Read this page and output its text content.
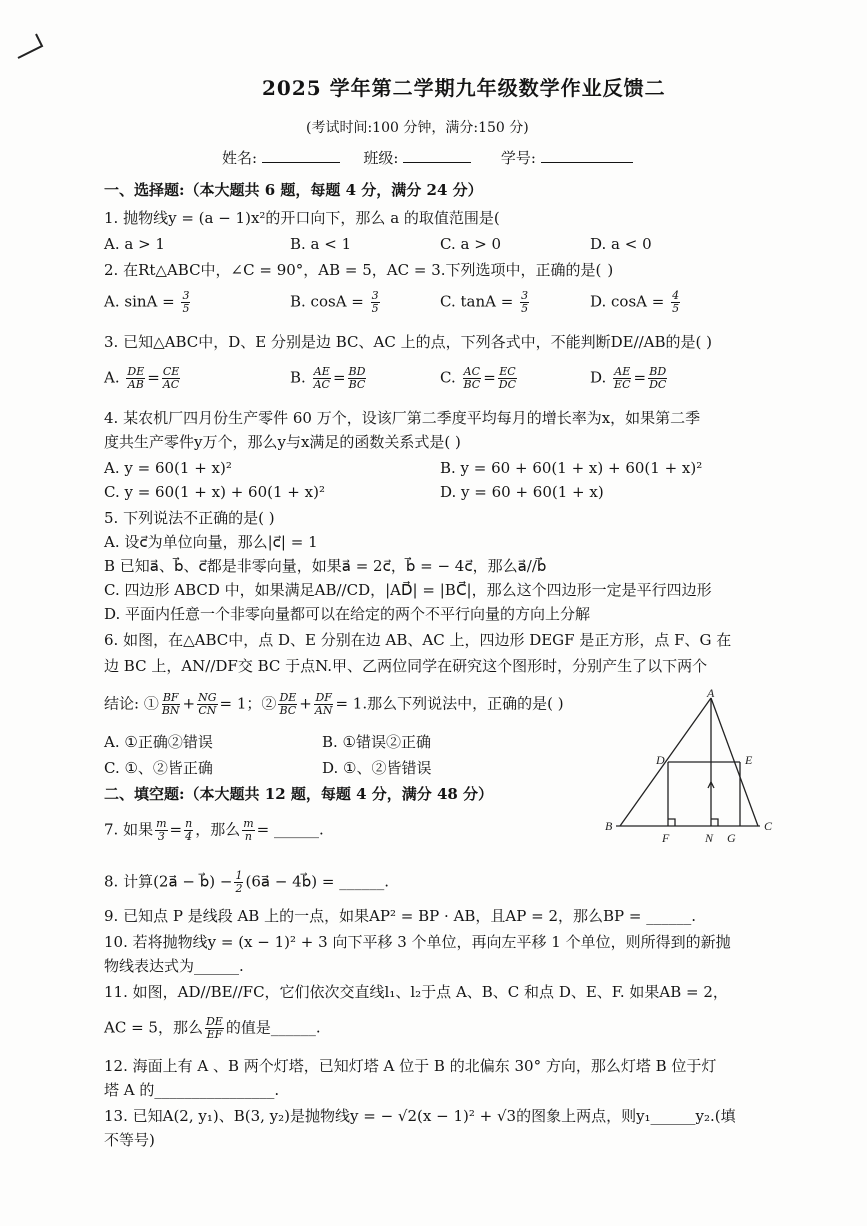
2025 学年第二学期九年级数学作业反馈二
(考试时间:100 分钟，满分:150 分)
姓名:	班级:	学号:
一、选择题:（本大题共 6 题，每题 4 分，满分 24 分）
1. 抛物线y = (a − 1)x²的开口向下，那么 a 的取值范围是(
A. a > 1	B. a < 1	C. a > 0	D. a < 0
2. 在Rt△ABC中，∠C = 90°，AB = 5，AC = 3.下列选项中，正确的是( )
A. $\sin A = \frac{3}{5}$	B. $\cos A = \frac{3}{5}$	C. $\tan A = \frac{3}{5}$	D. $\cos A = \frac{4}{5}$
3. 已知△ABC中，D、E 分别是边 BC、AC 上的点，下列各式中，不能判断DE//AB的是( )
A. $\frac{DE}{AB} = \frac{CE}{AC}$	B. $\frac{AE}{AC} = \frac{BD}{BC}$	C. $\frac{AC}{BC} = \frac{EC}{DC}$	D. $\frac{AE}{EC} = \frac{BD}{DC}$
4. 某农机厂四月份生产零件 60 万个，设该厂第二季度平均每月的增长率为x，如果第二季
度共生产零件y万个，那么y与x满足的函数关系式是( )
A. y = 60(1 + x)²	B. y = 60 + 60(1 + x) + 60(1 + x)²
C. y = 60(1 + x) + 60(1 + x)²	D. y = 60 + 60(1 + x)
5. 下列说法不正确的是( )
A. 设c⃗为单位向量，那么|c⃗| = 1
B 已知a⃗、b⃗、c⃗都是非零向量，如果a⃗ = 2c⃗，b⃗ = − 4c⃗，那么a⃗//b⃗
C. 四边形 ABCD 中，如果满足AB//CD，|AD⃗| = |BC⃗|，那么这个四边形一定是平行四边形
D. 平面内任意一个非零向量都可以在给定的两个不平行向量的方向上分解
6. 如图，在△ABC中，点 D、E 分别在边 AB、AC 上，四边形 DEGF 是正方形，点 F、G 在
边 BC 上，AN//DF交 BC 于点N.甲、乙两位同学在研究这个图形时，分别产生了以下两个
结论: ① $\frac{BF}{BN} + \frac{NG}{CN} = 1$；② $\frac{DE}{BC} + \frac{DF}{AN} = 1$.那么下列说法中，正确的是( )
A. ①正确②错误	B. ①错误②正确
C. ①、②皆正确	D. ①、②皆错误
A
D	E
B	C
F	N G
二、填空题:（本大题共 12 题，每题 4 分，满分 48 分）
7. 如果 $\frac{m}{3} = \frac{n}{4}$ ，那么 $\frac{m}{n}$ = ______.
8. 计算(2a⃗ − b⃗) − $\frac{1}{2}$ (6a⃗ − 4b⃗) = ______.
9. 已知点 P 是线段 AB 上的一点，如果AP² = BP · AB，且AP = 2，那么BP = ______.
10. 若将抛物线y = (x − 1)² + 3 向下平移 3 个单位，再向左平移 1 个单位，则所得到的新抛
物线表达式为______.
11. 如图，AD//BE//FC，它们依次交直线l₁、l₂于点 A、B、C 和点 D、E、F. 如果AB = 2，
AC = 5，那么 $\frac{DE}{EF}$ 的值是______.
12. 海面上有 A 、B 两个灯塔，已知灯塔 A 位于 B 的北偏东 30° 方向，那么灯塔 B 位于灯
塔 A 的________________.
13. 已知A(2, y₁)、B(3, y₂)是抛物线y = − √2(x − 1)² + √3的图象上两点，则y₁______y₂.(填
不等号)
